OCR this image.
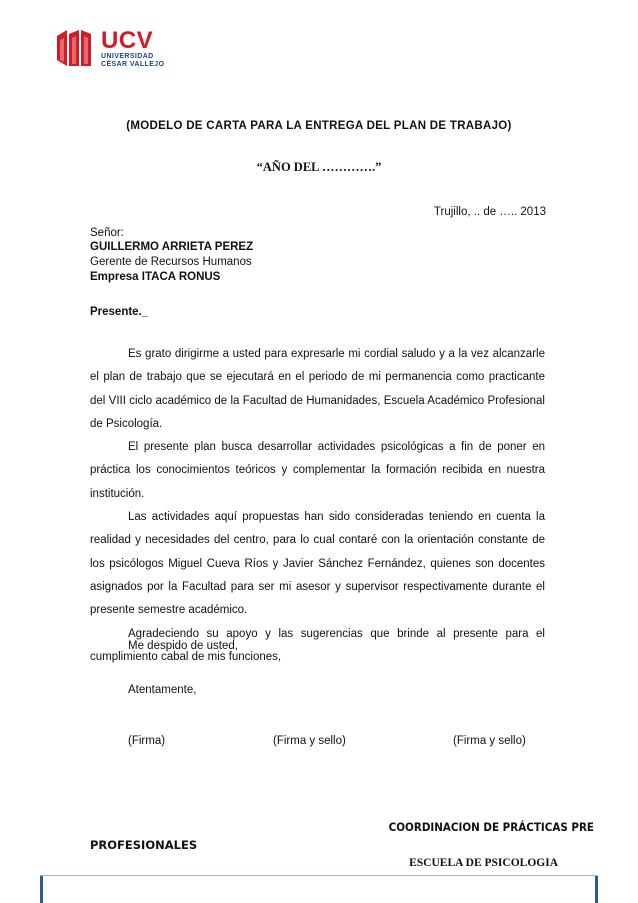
UCV
UNIVERSIDAD
CÉSAR VALLEJO
(MODELO DE CARTA PARA LA ENTREGA DEL PLAN DE TRABAJO)
“AÑO DEL ………….”
Trujillo, .. de ….. 2013
Señor:
GUILLERMO ARRIETA PEREZ
Gerente de Recursos Humanos
Empresa ITACA RONUS
Presente._
Es grato dirigirme a usted para expresarle mi cordial saludo y a la vez alcanzarle el plan de trabajo que se ejecutará en el periodo de mi permanencia como practicante del VIII ciclo académico de la Facultad de Humanidades, Escuela Académico Profesional de Psicología.
El presente plan busca desarrollar actividades psicológicas a fin de poner en práctica los conocimientos teóricos y complementar la formación recibida en nuestra institución.
Las actividades aquí propuestas han sido consideradas teniendo en cuenta la realidad y necesidades del centro, para lo cual contaré con la orientación constante de los psicólogos Miguel Cueva Ríos y Javier Sánchez Fernández, quienes son docentes asignados por la Facultad para ser mi asesor y supervisor respectivamente durante el presente semestre académico.
Agradeciendo su apoyo y las sugerencias que brinde al presente para el cumplimiento cabal de mis funciones,
Me despido de usted,
Atentamente,
(Firma)	(Firma y sello)	(Firma y sello)
COORDINACION DE PRÁCTICAS PRE
PROFESIONALES
ESCUELA DE PSICOLOGIA
